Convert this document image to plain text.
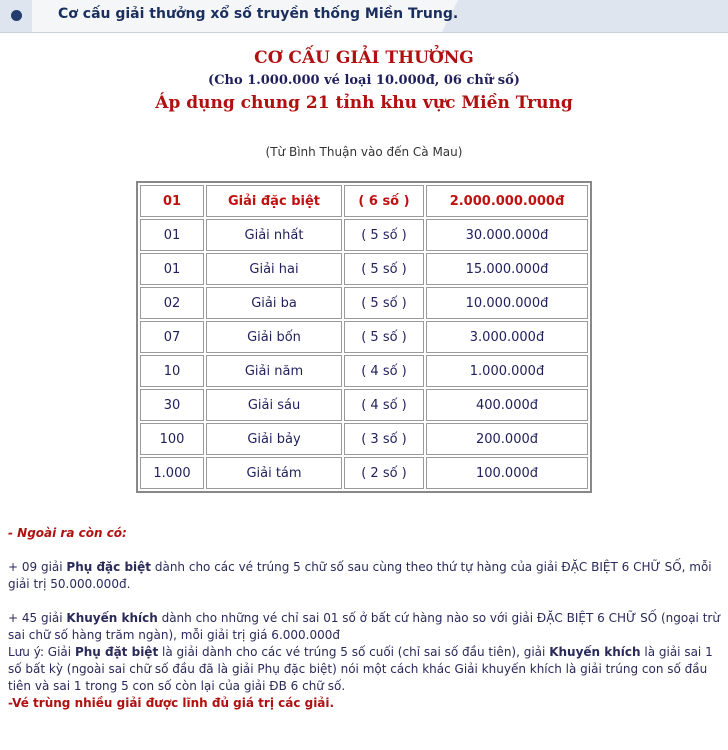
Cơ cấu giải thưởng xổ số truyền thống Miền Trung.
CƠ CẤU GIẢI THƯỞNG
(Cho 1.000.000 vé loại 10.000đ, 06 chữ số)
Áp dụng chung 21 tỉnh khu vực Miền Trung
(Từ Bình Thuận vào đến Cà Mau)
01	Giải đặc biệt	( 6 số )	2.000.000.000đ
01	Giải nhất	( 5 số )	30.000.000đ
01	Giải hai	( 5 số )	15.000.000đ
02	Giải ba	( 5 số )	10.000.000đ
07	Giải bốn	( 5 số )	3.000.000đ
10	Giải năm	( 4 số )	1.000.000đ
30	Giải sáu	( 4 số )	400.000đ
100	Giải bảy	( 3 số )	200.000đ
1.000	Giải tám	( 2 số )	100.000đ

- Ngoài ra còn có:

+ 09 giải Phụ đặc biệt dành cho các vé trúng 5 chữ số sau cùng theo thứ tự hàng của giải ĐẶC BIỆT 6 CHỮ SỐ, mỗi giải trị 50.000.000đ.

+ 45 giải Khuyến khích dành cho những vé chỉ sai 01 số ở bất cứ hàng nào so với giải ĐẶC BIỆT 6 CHỮ SỐ (ngoại trừ sai chữ số hàng trăm ngàn), mỗi giải trị giá 6.000.000đ

Lưu ý: Giải Phụ đặt biệt là giải dành cho các vé trúng 5 số cuối (chỉ sai số đầu tiên), giải Khuyến khích là giải sai 1 số bất kỳ (ngoài sai chữ số đầu đã là giải Phụ đặc biệt) nói một cách khác Giải khuyến khích là giải trúng con số đầu tiên và sai 1 trong 5 con số còn lại của giải ĐB 6 chữ số.

-Vé trùng nhiều giải được lĩnh đủ giá trị các giải.
